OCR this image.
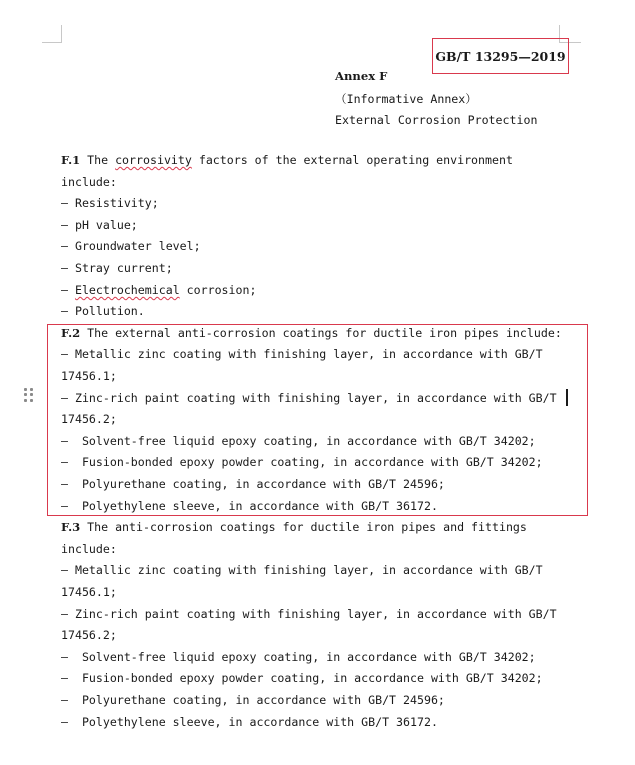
GB/T 13295—2019
Annex F
（Informative Annex）
External Corrosion Protection
F.1 The corrosivity factors of the external operating environment
include:
— Resistivity;
— pH value;
— Groundwater level;
— Stray current;
— Electrochemical corrosion;
— Pollution.
F.2 The external anti-corrosion coatings for ductile iron pipes include:
— Metallic zinc coating with finishing layer, in accordance with GB/T
17456.1;
— Zinc-rich paint coating with finishing layer, in accordance with GB/T
17456.2;
—  Solvent-free liquid epoxy coating, in accordance with GB/T 34202;
—  Fusion-bonded epoxy powder coating, in accordance with GB/T 34202;
—  Polyurethane coating, in accordance with GB/T 24596;
—  Polyethylene sleeve, in accordance with GB/T 36172.
F.3 The anti-corrosion coatings for ductile iron pipes and fittings
include:
— Metallic zinc coating with finishing layer, in accordance with GB/T
17456.1;
— Zinc-rich paint coating with finishing layer, in accordance with GB/T
17456.2;
—  Solvent-free liquid epoxy coating, in accordance with GB/T 34202;
—  Fusion-bonded epoxy powder coating, in accordance with GB/T 34202;
—  Polyurethane coating, in accordance with GB/T 24596;
—  Polyethylene sleeve, in accordance with GB/T 36172.
